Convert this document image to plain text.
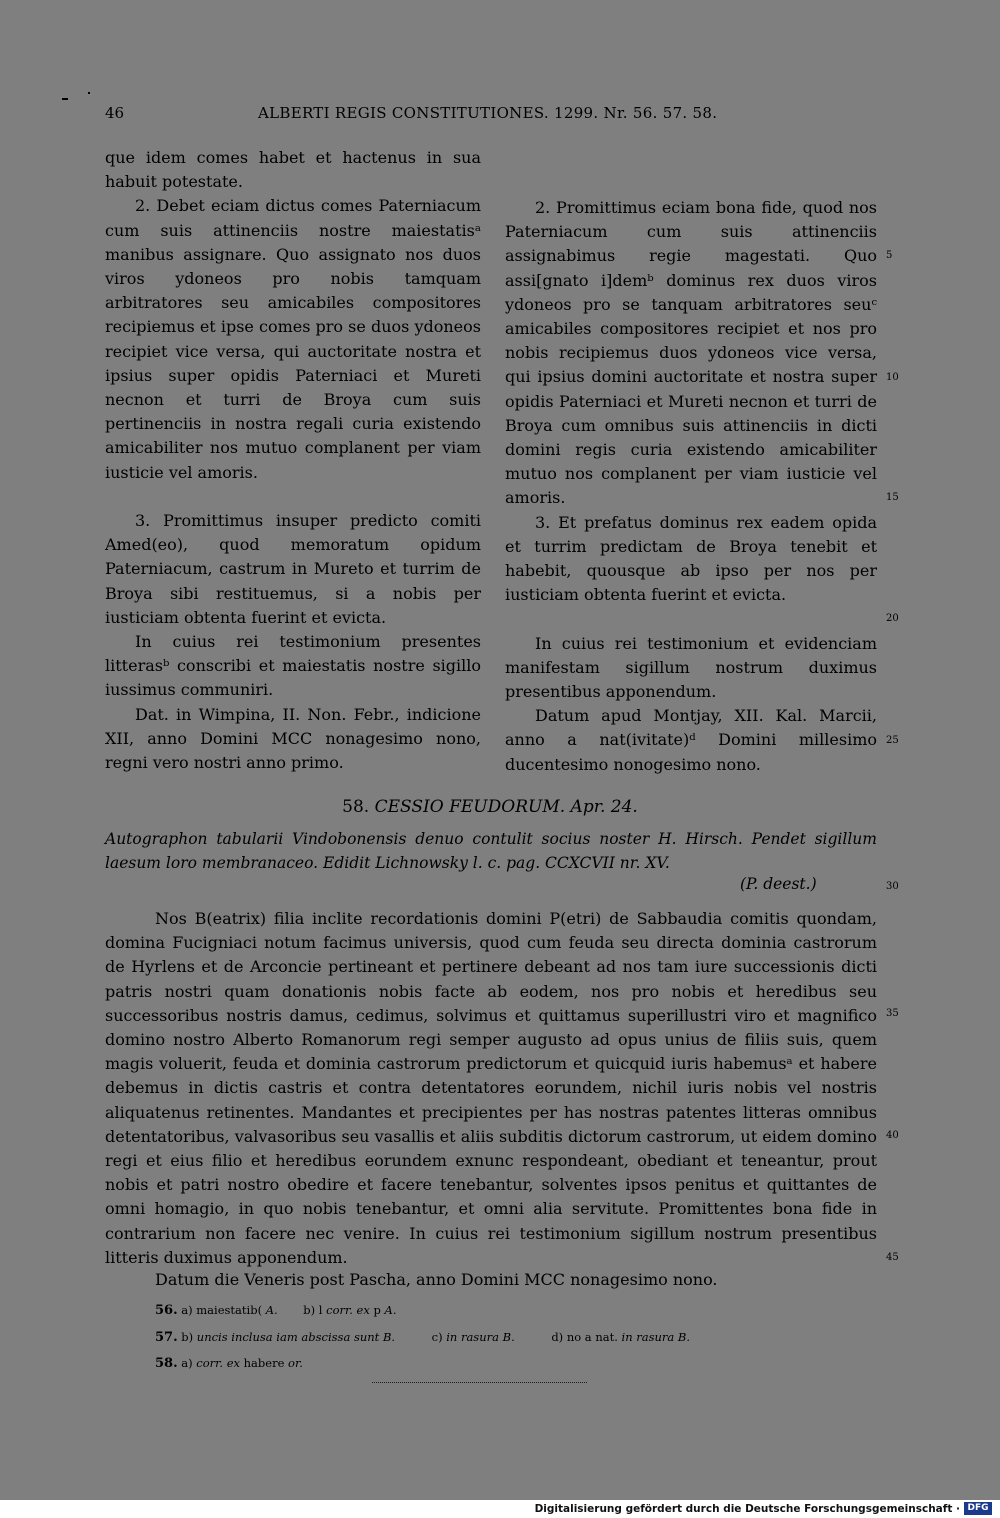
46	ALBERTI REGIS CONSTITUTIONES. 1299. Nr. 56. 57. 58.

que idem comes habet et hactenus in sua habuit potestate.

2. Debet eciam dictus comes Paterniacum cum suis attinenciis nostre maiestatisᵃ manibus assignare. Quo assignato nos duos viros ydoneos pro nobis tamquam arbitratores seu amicabiles compositores recipiemus et ipse comes pro se duos ydoneos recipiet vice versa, qui auctoritate nostra et ipsius super opidis Paterniaci et Mureti necnon et turri de Broya cum suis pertinenciis in nostra regali curia existendo amicabiliter nos mutuo complanent per viam iusticie vel amoris.

3. Promittimus insuper predicto comiti Amed(eo), quod memoratum opidum Paterniacum, castrum in Mureto et turrim de Broya sibi restituemus, si a nobis per iusticiam obtenta fuerint et evicta.

In cuius rei testimonium presentes litterasᵇ conscribi et maiestatis nostre sigillo iussimus communiri.

Dat. in Wimpina, II. Non. Febr., indicione XII, anno Domini MCC nonagesimo nono, regni vero nostri anno primo.

2. Promittimus eciam bona fide, quod nos Paterniacum cum suis attinenciis assignabimus regie magestati. Quo assi[gnato i]demᵇ dominus rex duos viros ydoneos pro se tanquam arbitratores seuᶜ amicabiles compositores recipiet et nos pro nobis recipiemus duos ydoneos vice versa, qui ipsius domini auctoritate et nostra super opidis Paterniaci et Mureti necnon et turri de Broya cum omnibus suis attinenciis in dicti domini regis curia existendo amicabiliter mutuo nos complanent per viam iusticie vel amoris.

3. Et prefatus dominus rex eadem opida et turrim predictam de Broya tenebit et habebit, quousque ab ipso per nos per iusticiam obtenta fuerint et evicta.

In cuius rei testimonium et evidenciam manifestam sigillum nostrum duximus presentibus apponendum.

Datum apud Montjay, XII. Kal. Marcii, anno a nat(ivitate)ᵈ Domini millesimo ducentesimo nonogesimo nono.

5
10
15
20
25
30
35
40
45
58. CESSIO FEUDORUM. Apr. 24.

Autographon tabularii Vindobonensis denuo contulit socius noster H. Hirsch. Pendet sigillum laesum loro membranaceo. Edidit Lichnowsky l. c. pag. CCXCVII nr. XV.

(P. deest.)

Nos B(eatrix) filia inclite recordationis domini P(etri) de Sabbaudia comitis quondam, domina Fucigniaci notum facimus universis, quod cum feuda seu directa dominia castrorum de Hyrlens et de Arconcie pertineant et pertinere debeant ad nos tam iure successionis dicti patris nostri quam donationis nobis facte ab eodem, nos pro nobis et heredibus seu successoribus nostris damus, cedimus, solvimus et quittamus superillustri viro et magnifico domino nostro Alberto Romanorum regi semper augusto ad opus unius de filiis suis, quem magis voluerit, feuda et dominia castrorum predictorum et quicquid iuris habemusᵃ et habere debemus in dictis castris et contra detentatores eorundem, nichil iuris nobis vel nostris aliquatenus retinentes. Mandantes et precipientes per has nostras patentes litteras omnibus detentatoribus, valvasoribus seu vasallis et aliis subditis dictorum castrorum, ut eidem domino regi et eius filio et heredibus eorundem exnunc respondeant, obediant et teneantur, prout nobis et patri nostro obedire et facere tenebantur, solventes ipsos penitus et quittantes de omni homagio, in quo nobis tenebantur, et omni alia servitute. Promittentes bona fide in contrarium non facere nec venire. In cuius rei testimonium sigillum nostrum presentibus litteris duximus apponendum.

Datum die Veneris post Pascha, anno Domini MCC nonagesimo nono.
56. a) maiestatib( A. b) l corr. ex p A.
57. b) uncis inclusa iam abscissa sunt B.	c) in rasura B.	d) no a nat. in rasura B.
58. a) corr. ex habere or.
Digitalisierung gefördert durch die Deutsche Forschungsgemeinschaft · DFG
